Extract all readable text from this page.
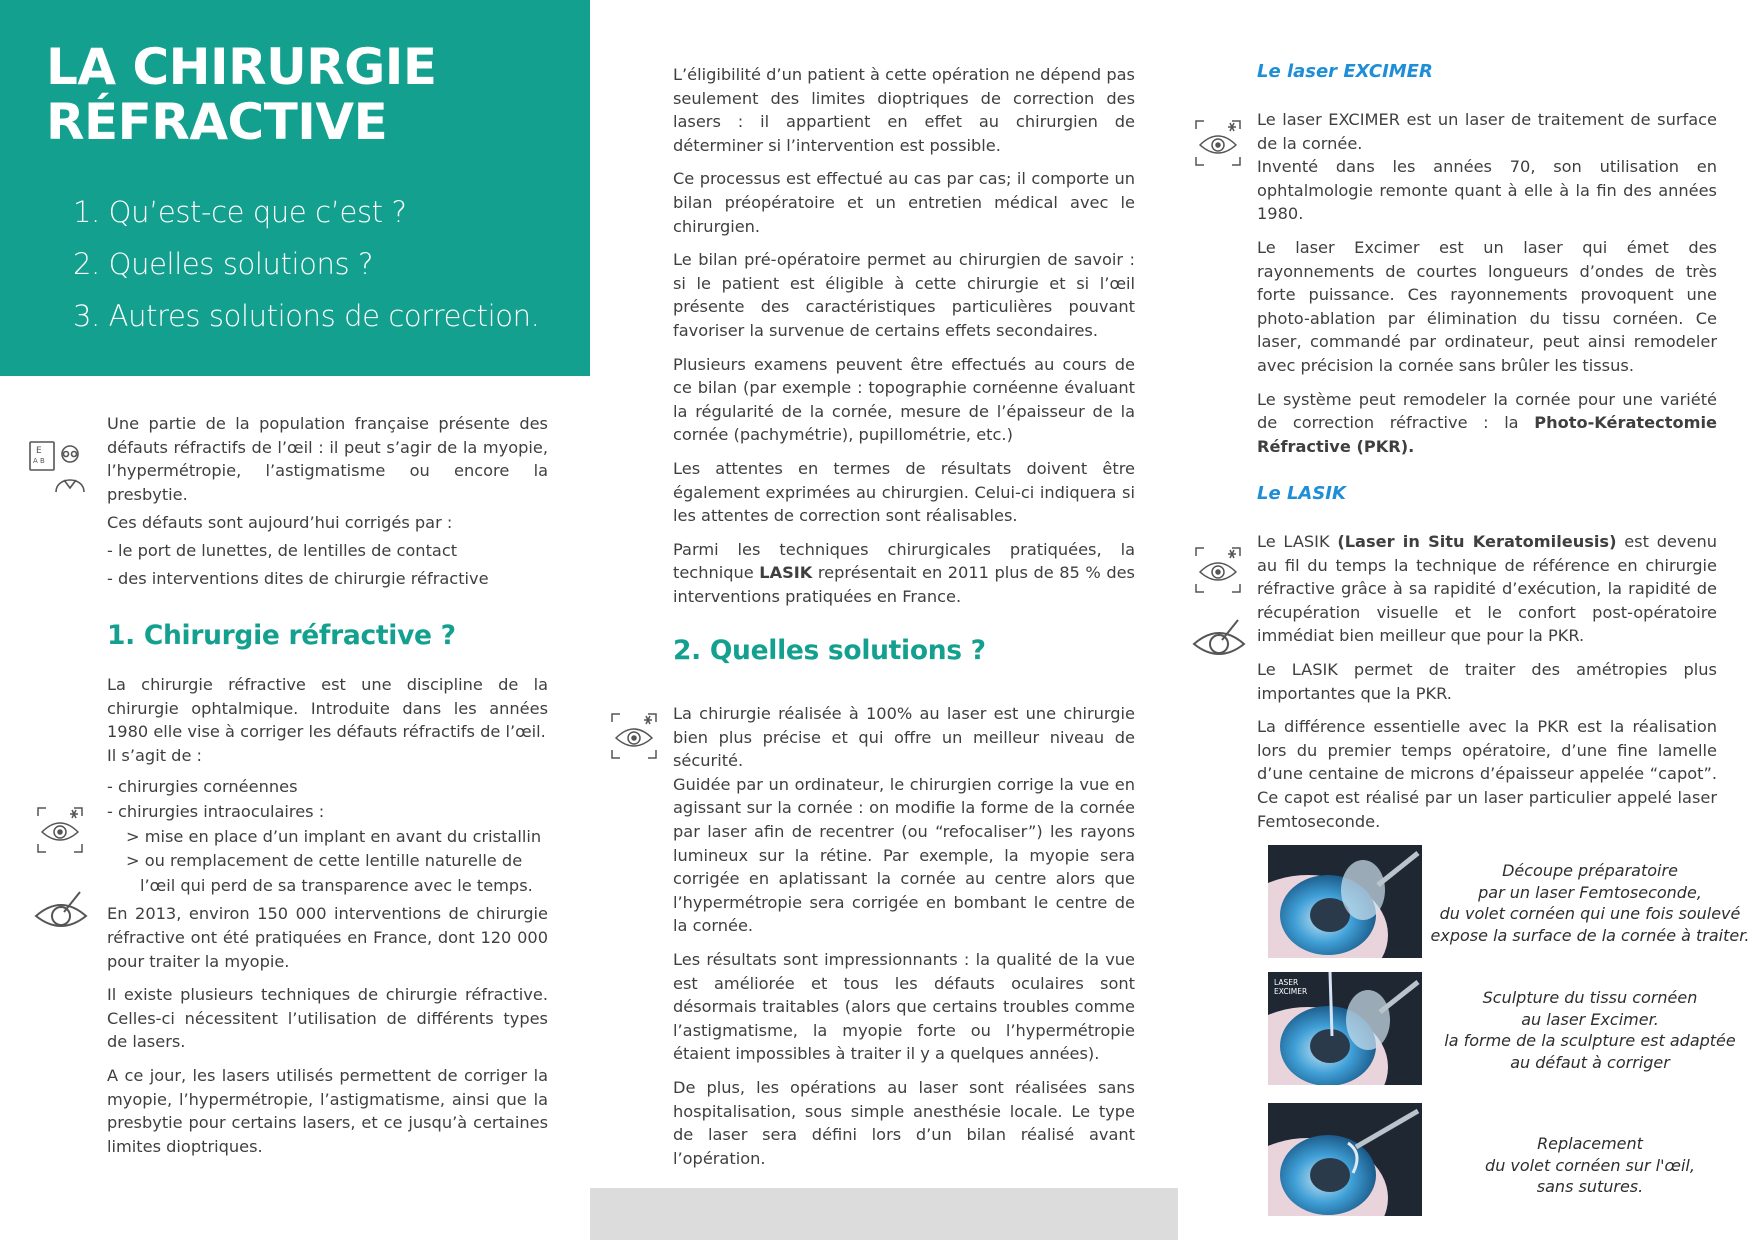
LA CHIRURGIE
RÉFRACTIVE
1. Qu’est-ce que c’est ?
2. Quelles solutions ?
3. Autres solutions de correction.
E
A B

Une partie de la population française présente des défauts réfractifs de l’œil : il peut s’agir de la myopie, l’hypermétropie, l’astigmatisme ou encore la presbytie.

Ces défauts sont aujourd’hui corrigés par :
- le port de lunettes, de lentilles de contact
- des interventions dites de chirurgie réfractive
1. Chirurgie réfractive ?

La chirurgie réfractive est une discipline de la chirurgie ophtalmique. Introduite dans les années 1980 elle vise à corriger les défauts réfractifs de l’œil.

Il s’agit de :
- chirurgies cornéennes
- chirurgies intraoculaires :
> mise en place d’un implant en avant du cristallin
> ou remplacement de cette lentille naturelle de
l’œil qui perd de sa transparence avec le temps.

En 2013, environ 150 000 interventions de chirurgie réfractive ont été pratiquées en France, dont 120 000 pour traiter la myopie.

Il existe plusieurs techniques de chirurgie réfractive. Celles-ci nécessitent l’utilisation de différents types de lasers.

A ce jour, les lasers utilisés permettent de corriger la myopie, l’hypermétropie, l’astigmatisme, ainsi que la presbytie pour certains lasers, et ce jusqu’à certaines limites dioptriques.

L’éligibilité d’un patient à cette opération ne dépend pas seulement des limites dioptriques de correction des lasers : il appartient en effet au chirurgien de déterminer si l’intervention est possible.

Ce processus est effectué au cas par cas; il comporte un bilan préopératoire et un entretien médical avec le chirurgien.

Le bilan pré-opératoire permet au chirurgien de savoir : si le patient est éligible à cette chirurgie et si l’œil présente des caractéristiques particulières pouvant favoriser la survenue de certains effets secondaires.

Plusieurs examens peuvent être effectués au cours de ce bilan (par exemple : topographie cornéenne évaluant la régularité de la cornée, mesure de l’épaisseur de la cornée (pachymétrie), pupillométrie, etc.)

Les attentes en termes de résultats doivent être également exprimées au chirurgien. Celui-ci indiquera si les attentes de correction sont réalisables.

Parmi les techniques chirurgicales pratiquées, la technique LASIK représentait en 2011 plus de 85 % des interventions pratiquées en France.

2. Quelles solutions ?

La chirurgie réalisée à 100% au laser est une chirurgie bien plus précise et qui offre un meilleur niveau de sécurité.

Guidée par un ordinateur, le chirurgien corrige la vue en agissant sur la cornée : on modifie la forme de la cornée par laser afin de recentrer (ou “refocaliser”) les rayons lumineux sur la rétine. Par exemple, la myopie sera corrigée en aplatissant la cornée au centre alors que l’hypermétropie sera corrigée en bombant le centre de la cornée.

Les résultats sont impressionnants : la qualité de la vue est améliorée et tous les défauts oculaires sont désormais traitables (alors que certains troubles comme l’astigmatisme, la myopie forte ou l’hypermétropie étaient impossibles à traiter il y a quelques années).

De plus, les opérations au laser sont réalisées sans hospitalisation, sous simple anesthésie locale. Le type de laser sera défini lors d’un bilan réalisé avant l’opération.

Le laser EXCIMER

Le laser EXCIMER est un laser de traitement de surface de la cornée.

Inventé dans les années 70, son utilisation en ophtalmologie remonte quant à elle à la fin des années 1980.

Le laser Excimer est un laser qui émet des rayonnements de courtes longueurs d’ondes de très forte puissance. Ces rayonnements provoquent une photo-ablation par élimination du tissu cornéen. Ce laser, commandé par ordinateur, peut ainsi remodeler avec précision la cornée sans brûler les tissus.

Le système peut remodeler la cornée pour une variété de correction réfractive : la Photo-Kératectomie Réfractive (PKR).

Le LASIK

Le LASIK (Laser in Situ Keratomileusis) est devenu au fil du temps la technique de référence en chirurgie réfractive grâce à sa rapidité d’exécution, la rapidité de récupération visuelle et le confort post-opératoire immédiat bien meilleur que pour la PKR.

Le LASIK permet de traiter des amétropies plus importantes que la PKR.

La différence essentielle avec la PKR est la réalisation lors du premier temps opératoire, d’une fine lamelle d’une centaine de microns d’épaisseur appelée “capot”. Ce capot est réalisé par un laser particulier appelé laser Femtoseconde.

LASER
EXCIMER
Découpe préparatoire
par un laser Femtoseconde,
du volet cornéen qui une fois soulevé
expose la surface de la cornée à traiter.
Sculpture du tissu cornéen
au laser Excimer.
la forme de la sculpture est adaptée
au défaut à corriger
Replacement
du volet cornéen sur l'œil,
sans sutures.
